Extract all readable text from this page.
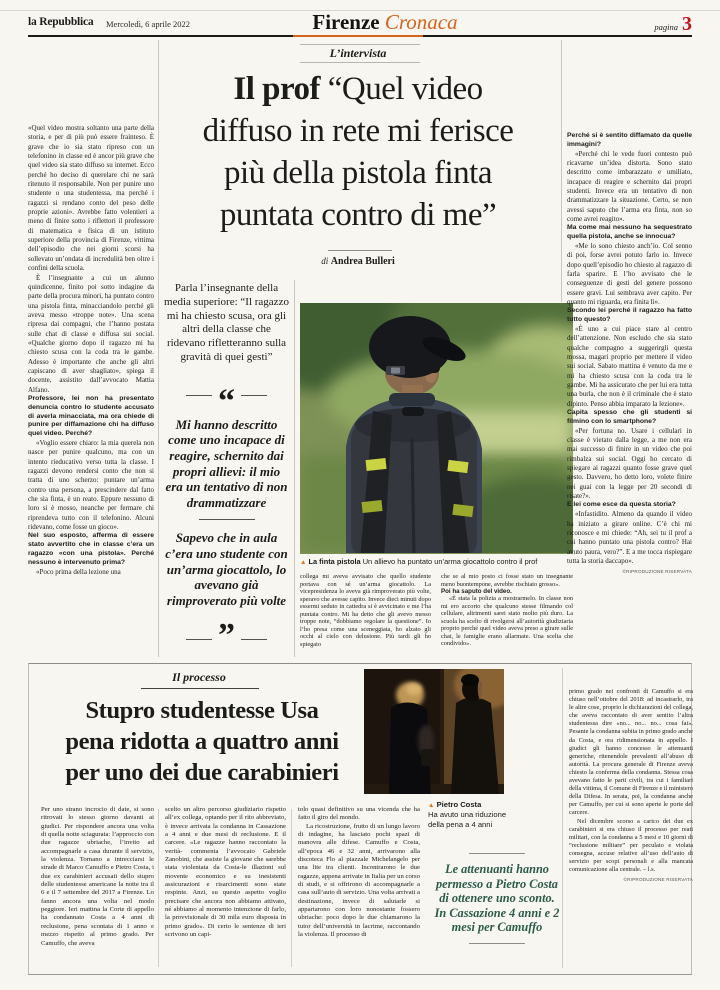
la Repubblica Mercoledì, 6 aprile 2022	Firenze Cronaca	pagina 3
L’intervista
Il prof “Quel video
diffuso in rete mi ferisce
più della pistola finta
puntata contro di me”
di Andrea Bulleri
«Quel video mostra soltanto una parte della storia, e per di più può essere frainteso. È grave che io sia stato ripreso con un telefonino in classe ed è ancor più grave che quel video sia stato diffuso su internet. Ecco perché ho deciso di querelare chi ne sarà ritenuto il responsabile. Non per punire uno studente o una studentessa, ma perché i ragazzi si rendano conto del peso delle proprie azioni». Avrebbe fatto volentieri a meno di finire sotto i riflettori il professore di matematica e fisica di un istituto superiore della provincia di Firenze, vittima dell’episodio che nei giorni scorsi ha sollevato un’ondata di incredulità ben oltre i confini della scuola.
È l’insegnante a cui un alunno quindicenne, finito poi sotto indagine da parte della procura minori, ha puntato contro una pistola finta, minacciandolo perché gli aveva messo «troppe note». Una scena ripresa dai compagni, che l’hanno postata sulle chat di classe e diffusa sui social. «Qualche giorno dopo il ragazzo mi ha chiesto scusa con la coda tra le gambe. Adesso è importante che anche gli altri capiscano di aver sbagliato», spiega il docente, assistito dall’avvocato Mattia Alfano.
Professore, lei non ha presentato denuncia contro lo studente accusato di averla minacciata, ma ora chiede di punire per diffamazione chi ha diffuso quel video. Perché?
«Voglio essere chiaro: la mia querela non nasce per punire qualcuno, ma con un intento rieducativo verso tutta la classe. I ragazzi devono rendersi conto che non si tratta di uno scherzo: puntare un’arma contro una persona, a prescindere dal fatto che sia finta, è un reato. Eppure nessuno di loro si è mosso, neanche per fermare chi riprendeva tutto con il telefonino. Alcuni ridevano, come fosse un gioco».
Nel suo esposto, afferma di essere stato avvertito che in classe c’era un ragazzo «con una pistola». Perché nessuno è intervenuto prima?
«Poco prima della lezione una
Parla l’insegnante della media superiore: “Il ragazzo mi ha chiesto scusa, ora gli altri della classe che ridevano rifletteranno sulla gravità di quei gesti”
“
Mi hanno descritto come uno incapace di reagire, schernito dai propri allievi: il mio era un tentativo di non drammatizzare
Sapevo che in aula c’era uno studente con un’arma giocattolo, lo avevano già rimproverato più volte
”
▲ La finta pistola Un allievo ha puntato un’arma giocattolo contro il prof
collega mi aveva avvisato che quello studente portava con sé un’arma giocattolo. La vicepresidenza lo aveva già rimproverato più volte, speravo che avesse capito. Invece dieci minuti dopo essermi seduto in cattedra si è avvicinato e me l’ha puntata contro. Mi ha detto che gli avevo messo troppe note, “dobbiamo regolare la questione”. Io l’ho presa come una sceneggiata, ho alzato gli occhi al cielo con delusione. Più tardi gli ho spiegato
che se al mio posto ci fosse stato un insegnante meno buontempone, avrebbe rischiato grosso».
Poi ha saputo del video.
«È stata la polizia a mostrarmelo. In classe non mi ero accorto che qualcuno stesse filmando col cellulare, altrimenti sarei stato molto più duro. La scuola ha scelto di rivolgersi all’autorità giudiziaria proprio perché quel video aveva preso a girare sulle chat, le famiglie erano allarmate. Una scelta che condivido».
Perché si è sentito diffamato da quelle immagini?
«Perché chi le vede fuori contesto può ricavarne un’idea distorta. Sono stato descritto come imbarazzato e umiliato, incapace di reagire e schernito dai propri studenti. Invece era un tentativo di non drammatizzare la situazione. Certo, se non avessi saputo che l’arma era finta, non so come avrei reagito».
Ma come mai nessuno ha sequestrato quella pistola, anche se innocua?
«Me lo sono chiesto anch’io. Col senno di poi, forse avrei potuto farlo io. Invece dopo quell’episodio ho chiesto al ragazzo di farla sparire. E l’ho avvisato che le conseguenze di gesti del genere possono essere gravi. Lui sembrava aver capito. Per quanto mi riguarda, era finita lì».
Secondo lei perché il ragazzo ha fatto tutto questo?
«È uno a cui piace stare al centro dell’attenzione. Non escludo che sia stato qualche compagno a suggerirgli questa mossa, magari proprio per mettere il video sui social. Sabato mattina è venuto da me e mi ha chiesto scusa con la coda tra le gambe. Mi ha assicurato che per lui era tutta una burla, che non è il criminale che è stato dipinto. Penso abbia imparato la lezione».
Capita spesso che gli studenti si filmino con lo smartphone?
«Per fortuna no. Usare i cellulari in classe è vietato dalla legge, a me non era mai successo di finire in un video che poi rimbalza sui social. Oggi ho cercato di spiegare ai ragazzi quanto fosse grave quel gesto. Davvero, ho detto loro, volete finire nei guai con la legge per 20 secondi di risate?».
E lei come esce da questa storia?
«Infastidito. Almeno da quando il video ha iniziato a girare online. C’è chi mi riconosce e mi chiede: “Ah, sei tu il prof a cui hanno puntato una pistola contro? Hai avuto paura, vero?”. E a me tocca rispiegare tutta la storia daccapo».
©RIPRODUZIONE RISERVATA
Il processo
Stupro studentesse Usa
pena ridotta a quattro anni
per uno dei due carabinieri
▲ Pietro Costa
Ha avuto una riduzione della pena a 4 anni
Le attenuanti hanno permesso a Pietro Costa di ottenere uno sconto. In Cassazione 4 anni e 2 mesi per Camuffo
Per uno strano incrocio di date, si sono ritrovati lo stesso giorno davanti ai giudici. Per rispondere ancora una volta di quella notte sciagurata: l’approccio con due ragazze ubriache, l’invito ad accompagnarle a casa durante il servizio, la violenza. Tornano a intrecciarsi le strade di Marco Camuffo e Pietro Costa, i due ex carabinieri accusati dello stupro delle studentesse americane la notte tra il 6 e il 7 settembre del 2017 a Firenze. Lo fanno ancora una volta nel modo peggiore. Ieri mattina la Corte di appello ha condannato Costa a 4 anni di reclusione, pena scontata di 1 anno e mezzo rispetto al primo grado. Per Camuffo, che aveva
scelto un altro percorso giudiziario rispetto all’ex collega, optando per il rito abbreviato, è invece arrivata la condanna in Cassazione a 4 anni e due mesi di reclusione. E il carcere. «Le ragazze hanno raccontato la verità- commenta l’avvocato Gabriele Zanobini, che assiste la giovane che sarebbe stata violentata da Costa-le illazioni sul movente economico e su inesistenti assicurazioni e risarcimenti sono state respinte. Anzi, su questo aspetto voglio precisare che ancora non abbiamo attivato, né abbiamo al momento intenzione di farlo, la provvisionale di 30 mila euro disposta in primo grado». Di certo le sentenze di ieri scrivono un capi-
tolo quasi definitivo su una vicenda che ha fatto il giro del mondo.
La ricostruzione, frutto di un lungo lavoro di indagine, ha lasciato pochi spazi di manovra alle difese. Camuffo e Costa, all’epoca 46 e 32 anni, arrivarono alla discoteca Flo al piazzale Michelangelo per una lite tra clienti. Incontrarono le due ragazze, appena arrivate in Italia per un corso di studi, e si offrirono di accompagnarle a casa sull’auto di servizio. Una volta arrivati a destinazione, invece di salutarle si appartarono con loro nonostante fossero ubriache: poco dopo le due chiamarono la tutor dell’università in lacrime, raccontando la violenza. Il processo di
primo grado nei confronti di Camuffo si era chiuso nell’ottobre del 2018: ad incastrarlo, tra le altre cose, proprio le dichiarazioni del collega, che aveva raccontato di aver sentito l’altra studentessa dire «no... no... no... cosa fai». Pesante la condanna subita in primo grado anche da Costa, e ora ridimensionata in appello. I giudici gli hanno concesso le attenuanti generiche, ritenendole prevalenti all’abuso di autorità. La procura generale di Firenze aveva chiesto la conferma della condanna. Stessa cosa avevano fatto le parti civili, tra cui i familiari della vittima, il Comune di Firenze e il ministero della Difesa. In serata, poi, la condanna anche per Camuffo, per cui si sono aperte le porte del carcere.
Nel dicembre scorso a carico dei due ex carabinieri si era chiuso il processo per reati militari, con la condanna a 5 mesi e 10 giorni di “reclusione militare” per peculato e violata consegna, accuse relative all’uso dell’auto di servizio per scopi personali e alla mancata comunicazione alla centrale. – l.s.
©RIPRODUZIONE RISERVATA
